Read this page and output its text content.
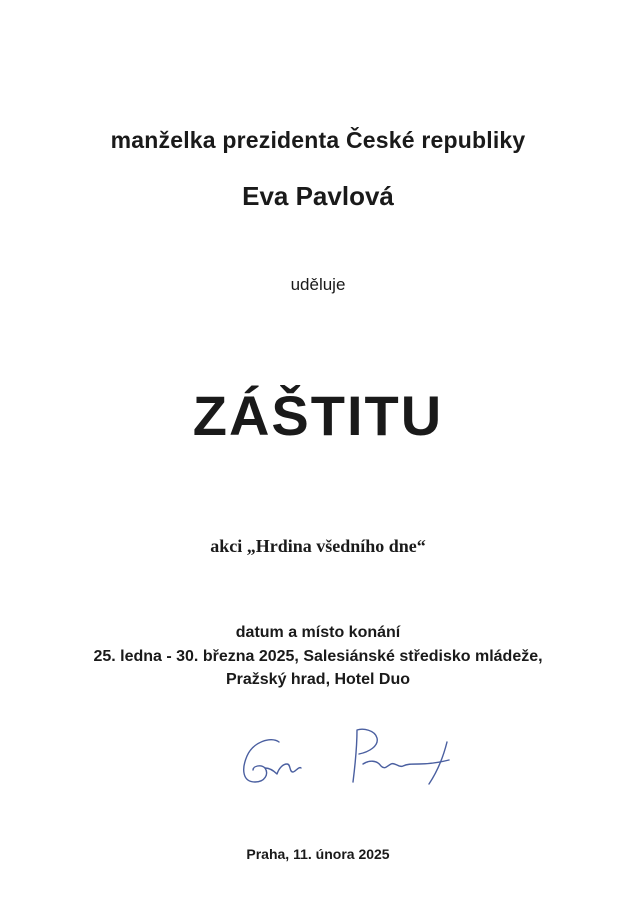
manželka prezidenta České republiky
Eva Pavlová
uděluje
ZÁŠTITU
akci „Hrdina všedního dne“
datum a místo konání
25. ledna - 30. března 2025, Salesiánské středisko mládeže,
Pražský hrad, Hotel Duo
Praha, 11. února 2025
